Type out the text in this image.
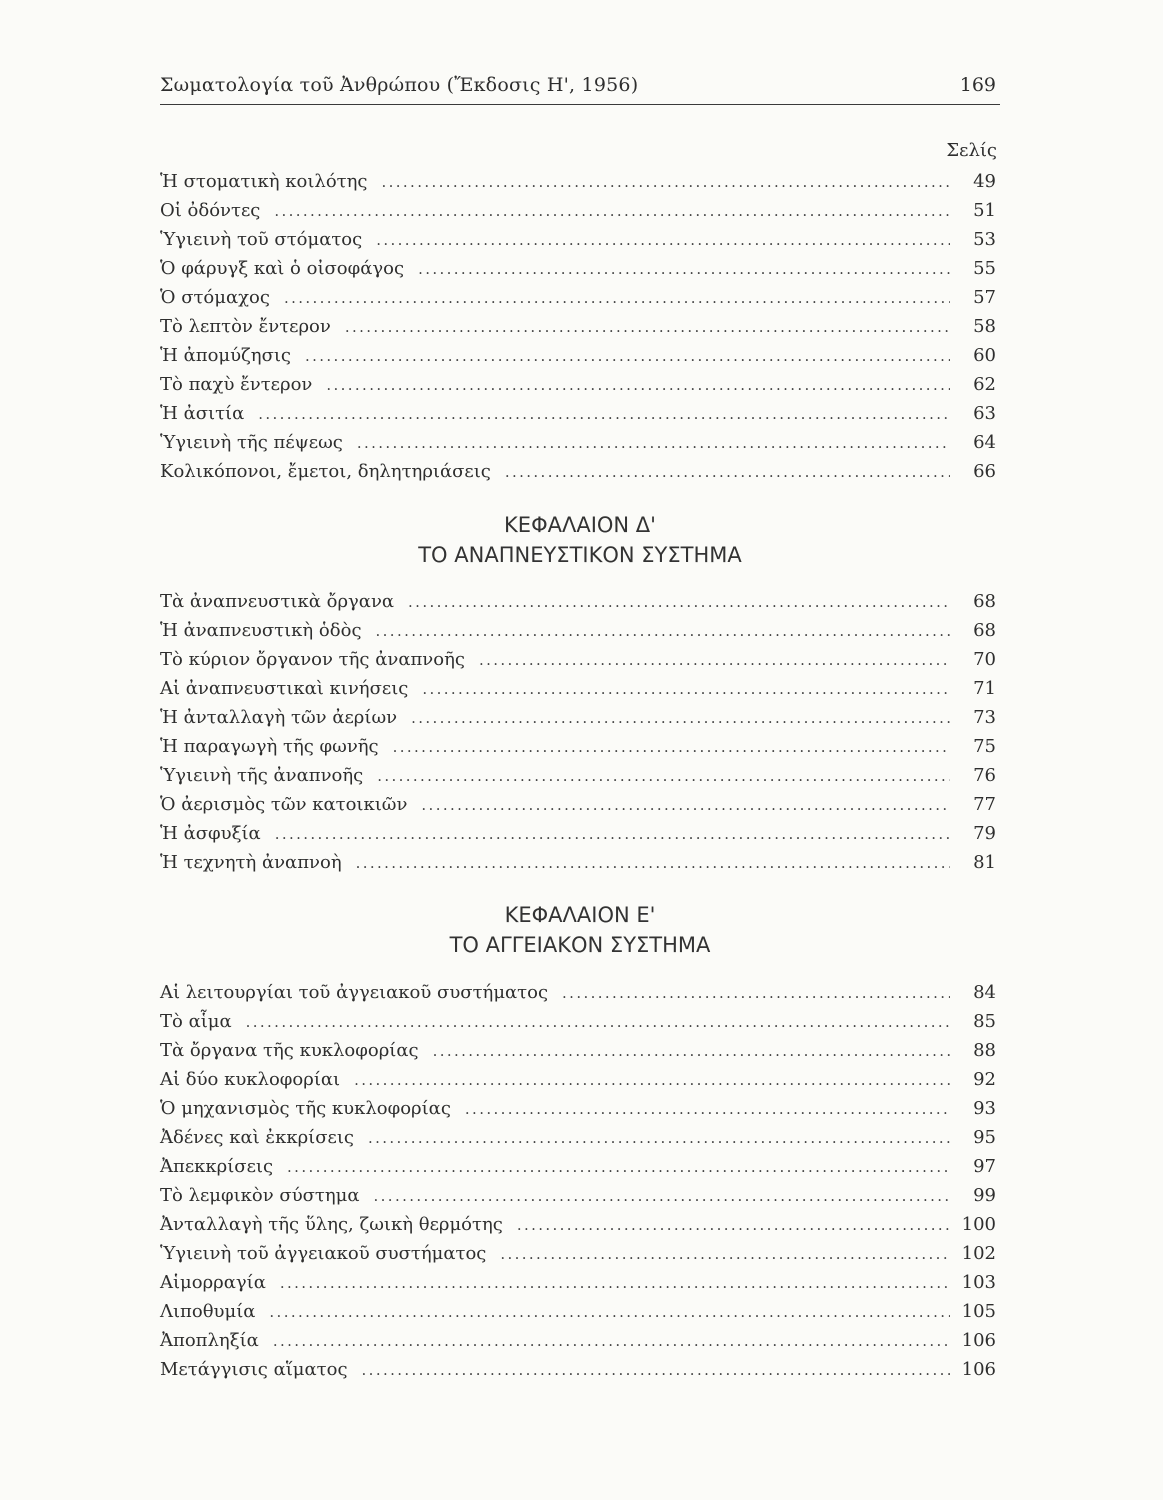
Σωματολογία τοῦ Ἀνθρώπου (Ἔκδοσις Η', 1956)	169
Σελίς
Ἡ στοματικὴ κοιλότης . . .	49
Οἱ ὀδόντες . . .	51
Ὑγιεινὴ τοῦ στόματος . . .	53
Ὁ φάρυγξ καὶ ὁ οἰσοφάγος . . .	55
Ὁ στόμαχος . . .	57
Τὸ λεπτὸν ἔντερον . . .	58
Ἡ ἀπομύζησις . . .	60
Τὸ παχὺ ἔντερον . . .	62
Ἡ ἀσιτία . . .	63
Ὑγιεινὴ τῆς πέψεως . . .	64
Κολικόπονοι, ἔμετοι, δηλητηριάσεις . . .	66
ΚΕΦΑΛΑΙΟΝ Δ'
ΤΟ ΑΝΑΠΝΕΥΣΤΙΚΟΝ ΣΥΣΤΗΜΑ
Τὰ ἀναπνευστικὰ ὄργανα . . .	68
Ἡ ἀναπνευστικὴ ὁδὸς . . .	68
Τὸ κύριον ὄργανον τῆς ἀναπνοῆς . . .	70
Αἱ ἀναπνευστικαὶ κινήσεις . . .	71
Ἡ ἀνταλλαγὴ τῶν ἀερίων . . .	73
Ἡ παραγωγὴ τῆς φωνῆς . . .	75
Ὑγιεινὴ τῆς ἀναπνοῆς . . .	76
Ὁ ἀερισμὸς τῶν κατοικιῶν . . .	77
Ἡ ἀσφυξία . . .	79
Ἡ τεχνητὴ ἀναπνοὴ . . .	81
ΚΕΦΑΛΑΙΟΝ Ε'
ΤΟ ΑΓΓΕΙΑΚΟΝ ΣΥΣΤΗΜΑ
Αἱ λειτουργίαι τοῦ ἀγγειακοῦ συστήματος . . .	84
Τὸ αἷμα . . .	85
Τὰ ὄργανα τῆς κυκλοφορίας . . .	88
Αἱ δύο κυκλοφορίαι . . .	92
Ὁ μηχανισμὸς τῆς κυκλοφορίας . . .	93
Ἀδένες καὶ ἐκκρίσεις . . .	95
Ἀπεκκρίσεις . . .	97
Τὸ λεμφικὸν σύστημα . . .	99
Ἀνταλλαγὴ τῆς ὕλης, ζωικὴ θερμότης . . .	100
Ὑγιεινὴ τοῦ ἀγγειακοῦ συστήματος . . .	102
Αἱμορραγία . . .	103
Λιποθυμία . . .	105
Ἀποπληξία . . .	106
Μετάγγισις αἵματος . . .	106
